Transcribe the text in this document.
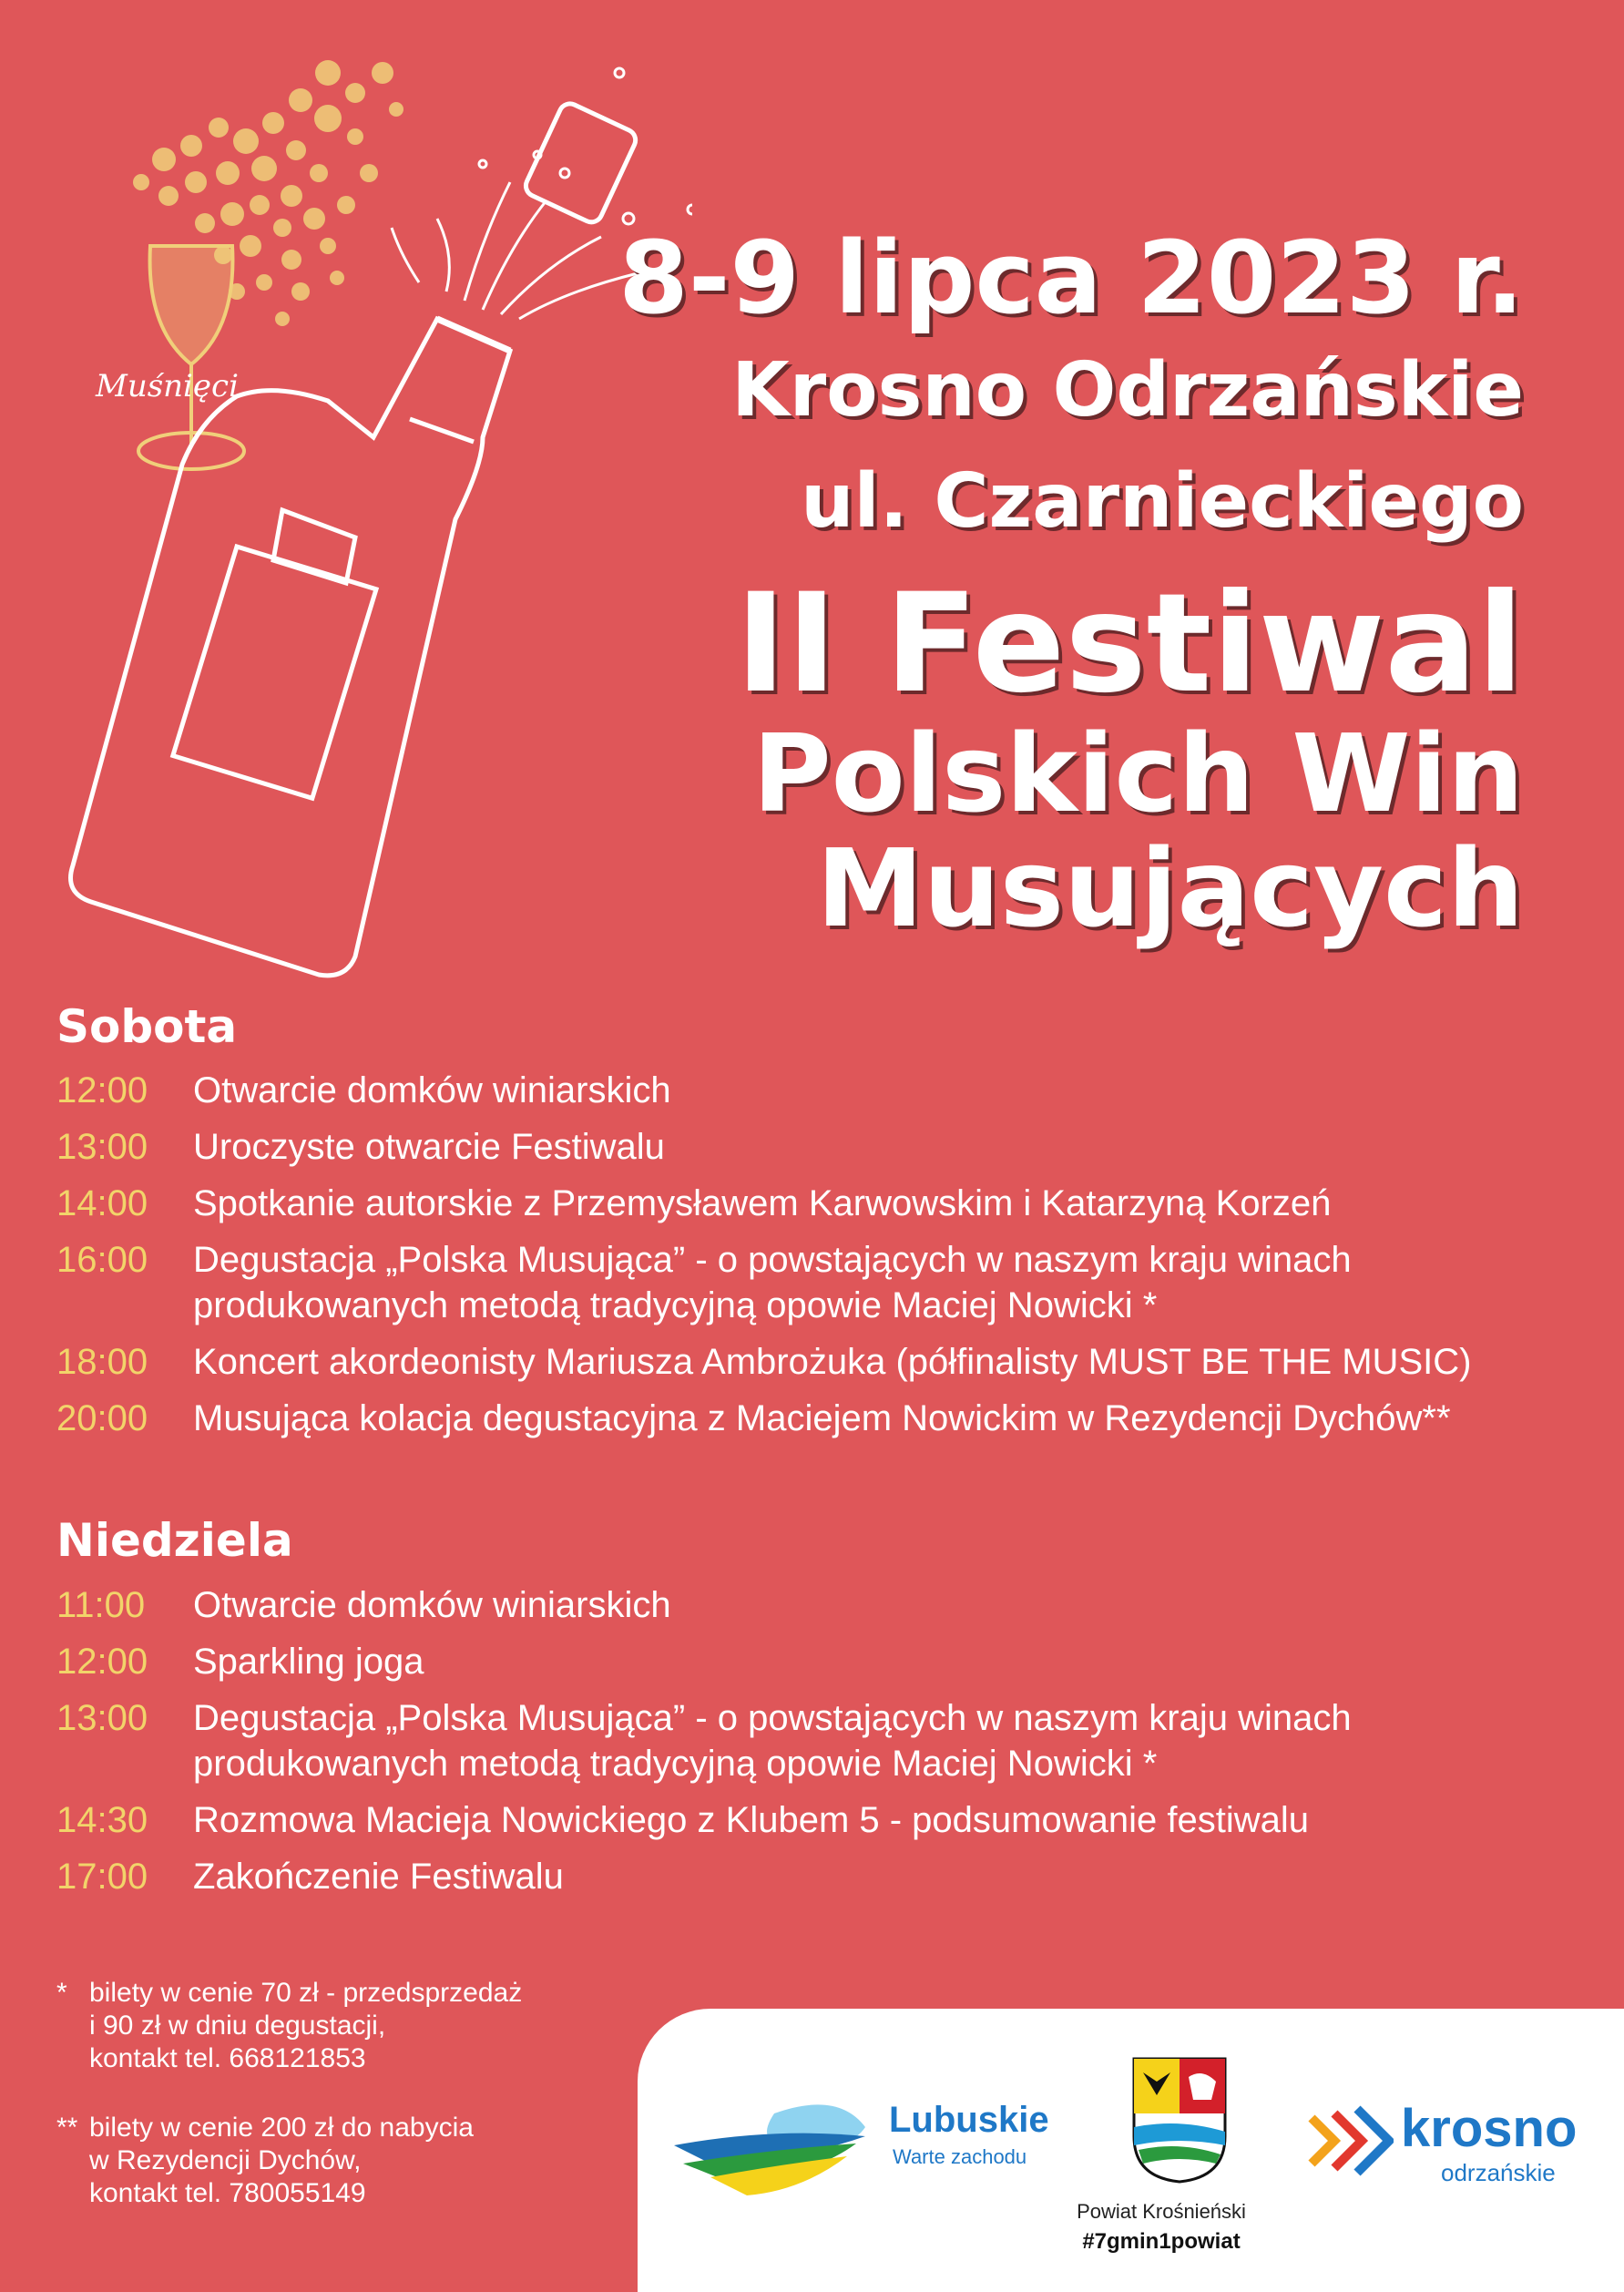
Muśnięci
8-9 lipca 2023 r.
Krosno Odrzańskie
ul. Czarnieckiego
II Festiwal
Polskich Win
Musujących
Sobota
12:00	Otwarcie domków winiarskich
13:00	Uroczyste otwarcie Festiwalu
14:00	Spotkanie autorskie z Przemysławem Karwowskim i Katarzyną Korzeń
16:00	Degustacja „Polska Musująca” - o powstających w naszym kraju winach
produkowanych metodą tradycyjną opowie Maciej Nowicki *
18:00	Koncert akordeonisty Mariusza Ambrożuka (półfinalisty MUST BE THE MUSIC)
20:00	Musująca kolacja degustacyjna z Maciejem Nowickim w Rezydencji Dychów**
Niedziela
11:00	Otwarcie domków winiarskich
12:00	Sparkling joga
13:00	Degustacja „Polska Musująca” - o powstających w naszym kraju winach
produkowanych metodą tradycyjną opowie Maciej Nowicki *
14:30	Rozmowa Macieja Nowickiego z Klubem 5 - podsumowanie festiwalu
17:00	Zakończenie Festiwalu
* bilety w cenie 70 zł - przedsprzedaż
i 90 zł w dniu degustacji,
kontakt tel. 668121853
** bilety w cenie 200 zł do nabycia
w Rezydencji Dychów,
kontakt tel. 780055149
Lubuskie
Warte zachodu
Powiat Krośnieński
#7gmin1powiat
krosno
odrzańskie
